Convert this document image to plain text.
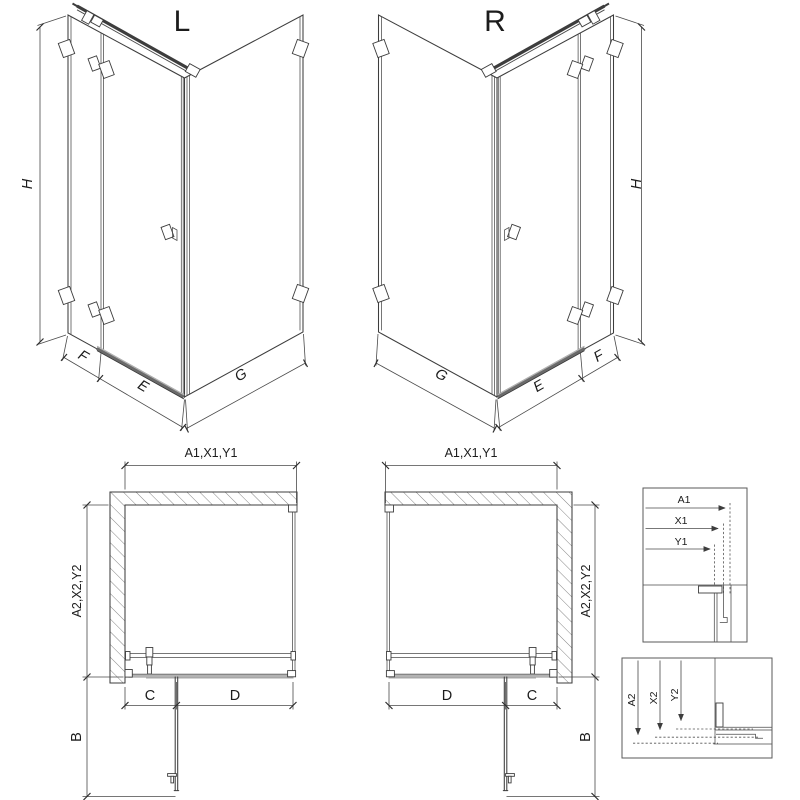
L	R
H	H
F
E
G
F
E
G
A1,X1,Y1	A1,X1,Y1
A2,X2,Y2	A2,X2,Y2
C	D	D	C
B	B
A1
X1
Y1
A2 X2 Y2
